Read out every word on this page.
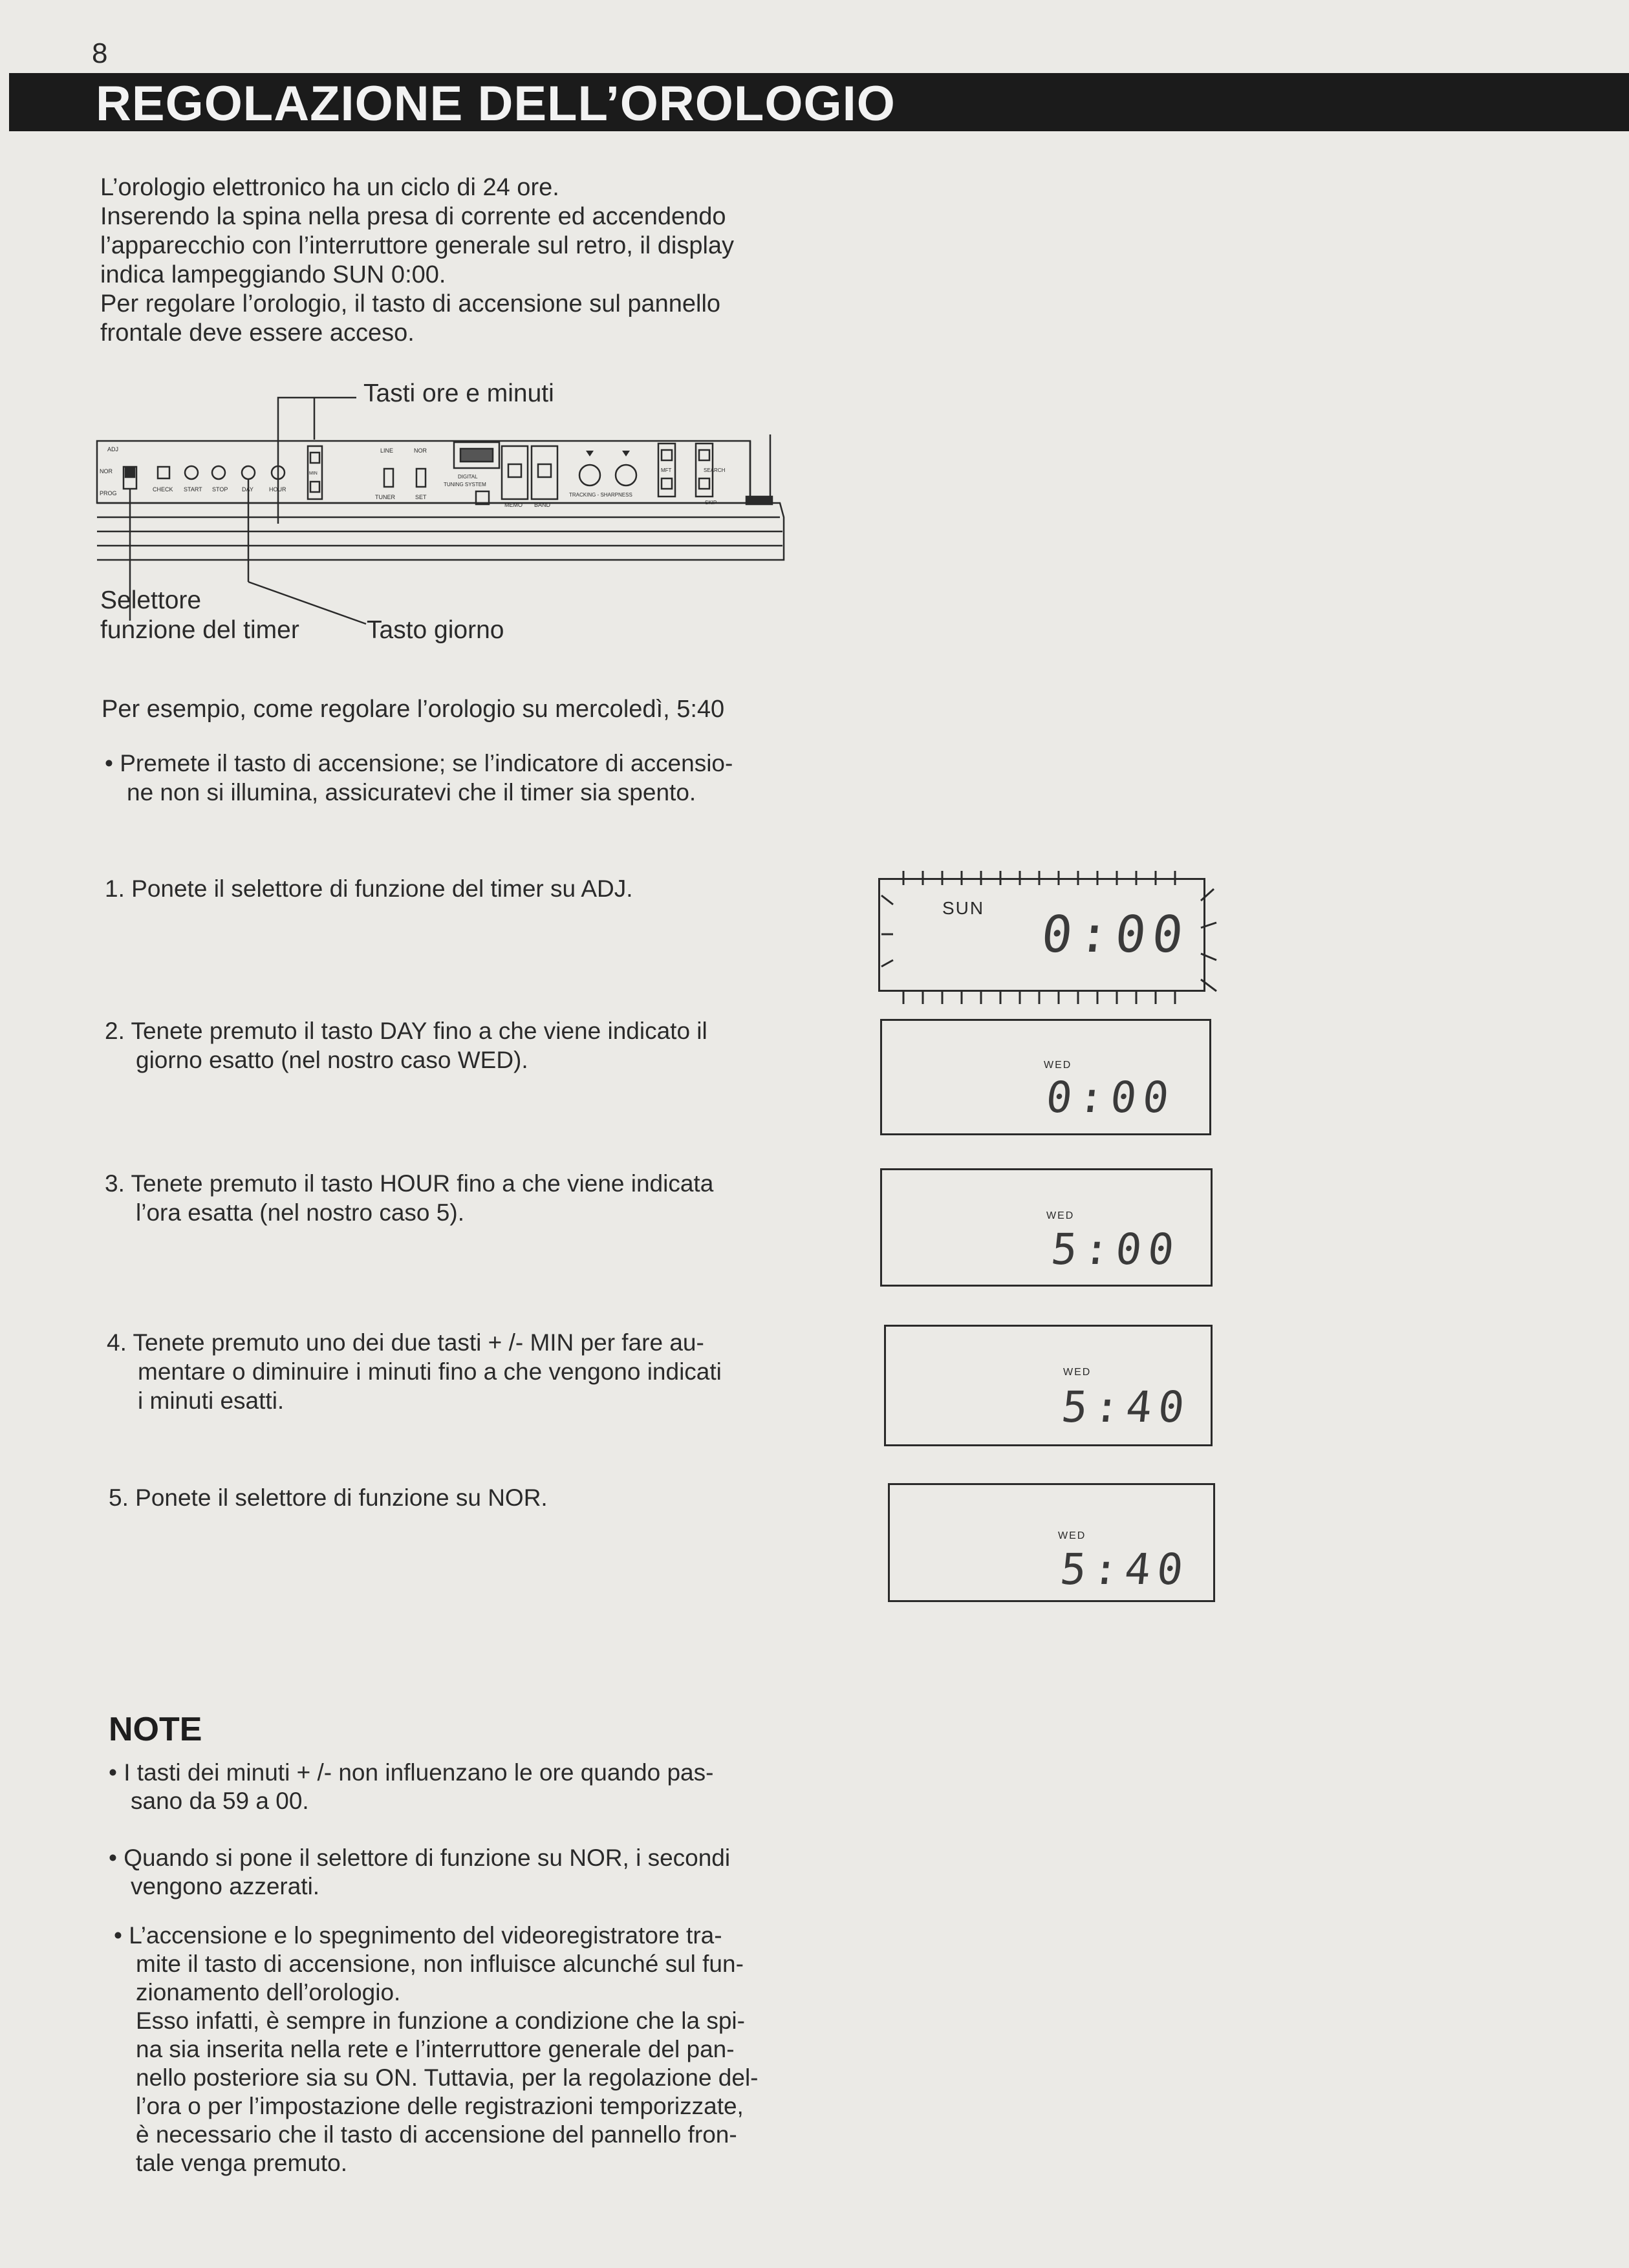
8
REGOLAZIONE DELL’OROLOGIO
L’orologio elettronico ha un ciclo di 24 ore.
Inserendo la spina nella presa di corrente ed accendendo
l’apparecchio con l’interruttore generale sul retro, il display
indica lampeggiando SUN 0:00.
Per regolare l’orologio, il tasto di accensione sul pannello
frontale deve essere acceso.
ADJ
NOR
PROG
CHECK START STOP DAY	HOUR
MIN
LINE	NOR
TUNER	SET
DIGITAL
TUNING SYSTEM
MEMO BAND
TRACKING - SHARPNESS
MFT	SEARCH
SKIP
Tasti ore e minuti
Selettore
funzione del timer	Tasto giorno
Per esempio, come regolare l’orologio su mercoledì, 5:40
• Premete il tasto di accensione; se l’indicatore di accensio-
ne non si illumina, assicuratevi che il timer sia spento.
1. Ponete il selettore di funzione del timer su ADJ.
2. Tenete premuto il tasto DAY fino a che viene indicato il
giorno esatto (nel nostro caso WED).
3. Tenete premuto il tasto HOUR fino a che viene indicata
l’ora esatta (nel nostro caso 5).
4. Tenete premuto uno dei due tasti + /- MIN per fare au-
mentare o diminuire i minuti fino a che vengono indicati
i minuti esatti.
5. Ponete il selettore di funzione su NOR.
SUN 0:00
WED
0:00
WED
5:00
WED
5:40
WED
5:40
NOTE
• I tasti dei minuti + /- non influenzano le ore quando pas-
sano da 59 a 00.
• Quando si pone il selettore di funzione su NOR, i secondi
vengono azzerati.
• L’accensione e lo spegnimento del videoregistratore tra-
mite il tasto di accensione, non influisce alcunché sul fun-
zionamento dell’orologio.
Esso infatti, è sempre in funzione a condizione che la spi-
na sia inserita nella rete e l’interruttore generale del pan-
nello posteriore sia su ON. Tuttavia, per la regolazione del-
l’ora o per l’impostazione delle registrazioni temporizzate,
è necessario che il tasto di accensione del pannello fron-
tale venga premuto.
